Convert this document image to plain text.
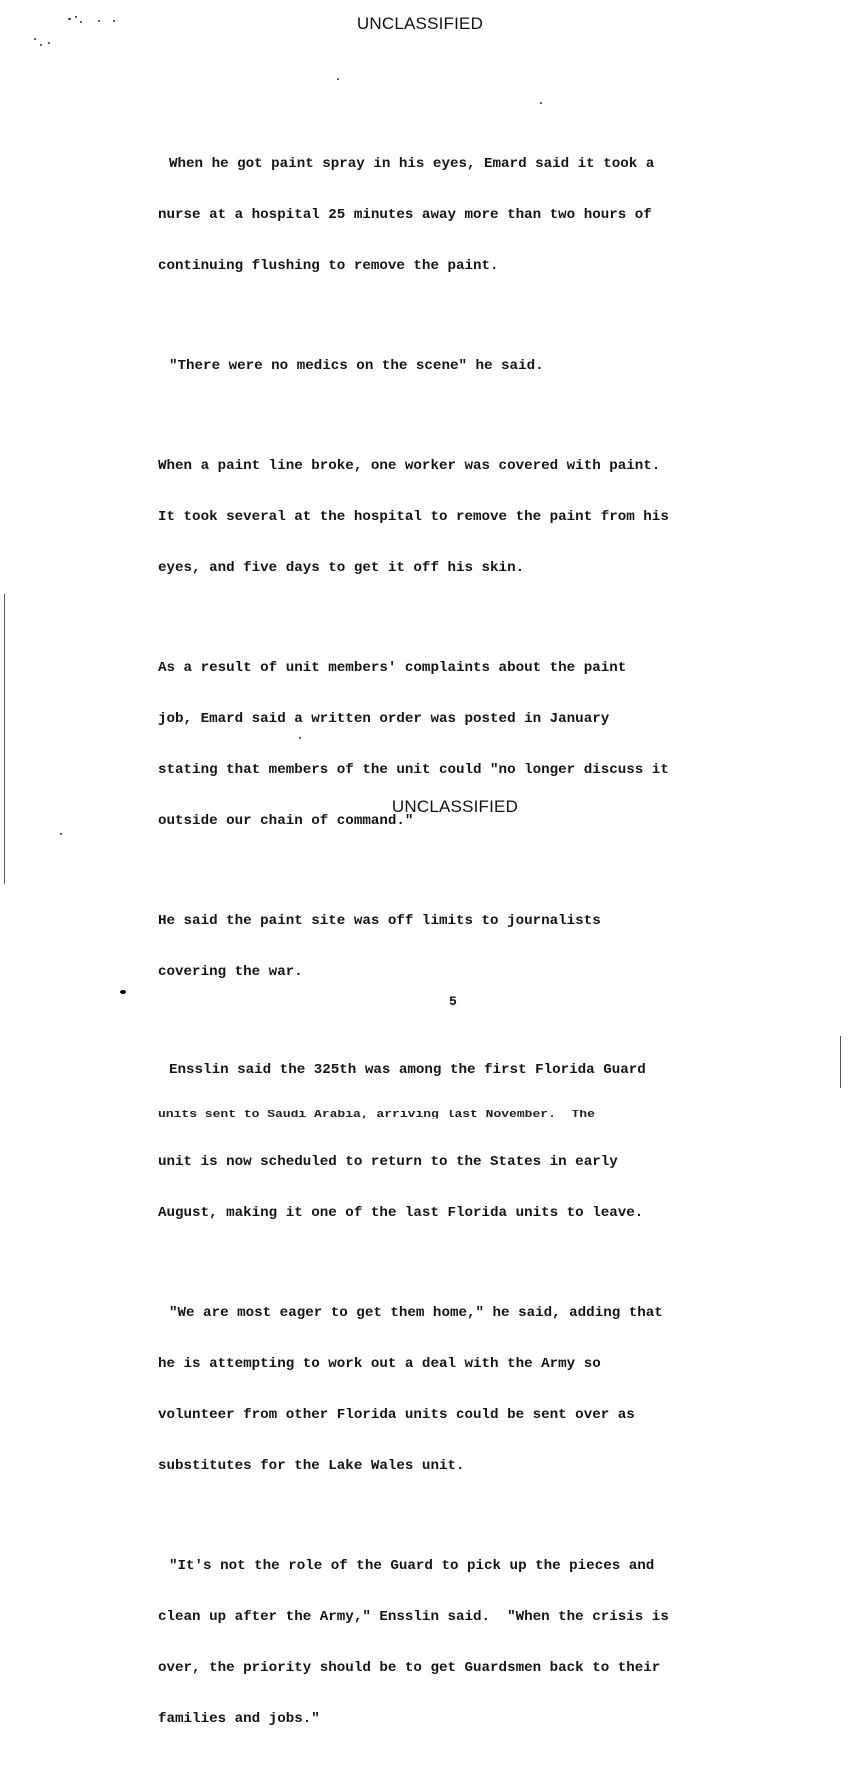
UNCLASSIFIED

When he got paint spray in his eyes, Emard said it took a

nurse at a hospital 25 minutes away more than two hours of

continuing flushing to remove the paint.

"There were no medics on the scene" he said.

When a paint line broke, one worker was covered with paint.

It took several at the hospital to remove the paint from his

eyes, and five days to get it off his skin.

As a result of unit members' complaints about the paint

job, Emard said a written order was posted in January

stating that members of the unit could "no longer discuss it

outside our chain of command."

He said the paint site was off limits to journalists

covering the war.

Ensslin said the 325th was among the first Florida Guard

units sent to Saudi Arabia, arriving last November.  The

unit is now scheduled to return to the States in early

August, making it one of the last Florida units to leave.

"We are most eager to get them home," he said, adding that

he is attempting to work out a deal with the Army so

volunteer from other Florida units could be sent over as

substitutes for the Lake Wales unit.

"It's not the role of the Guard to pick up the pieces and

clean up after the Army," Ensslin said.  "When the crisis is

over, the priority should be to get Guardsmen back to their

families and jobs."

UNCLASSIFIED
5
